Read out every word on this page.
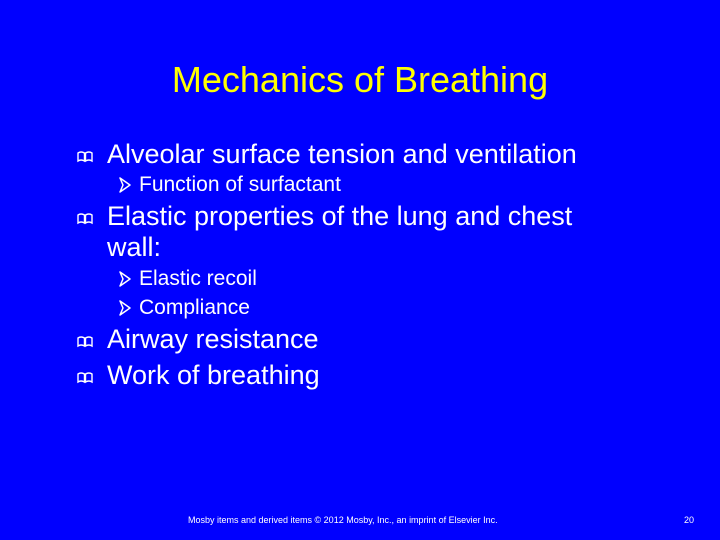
Mechanics of Breathing
Alveolar surface tension and ventilation
Function of surfactant
Elastic properties of the lung and chest
wall:
Elastic recoil
Compliance
Airway resistance
Work of breathing
Mosby items and derived items © 2012 Mosby, Inc., an imprint of Elsevier Inc.	20
